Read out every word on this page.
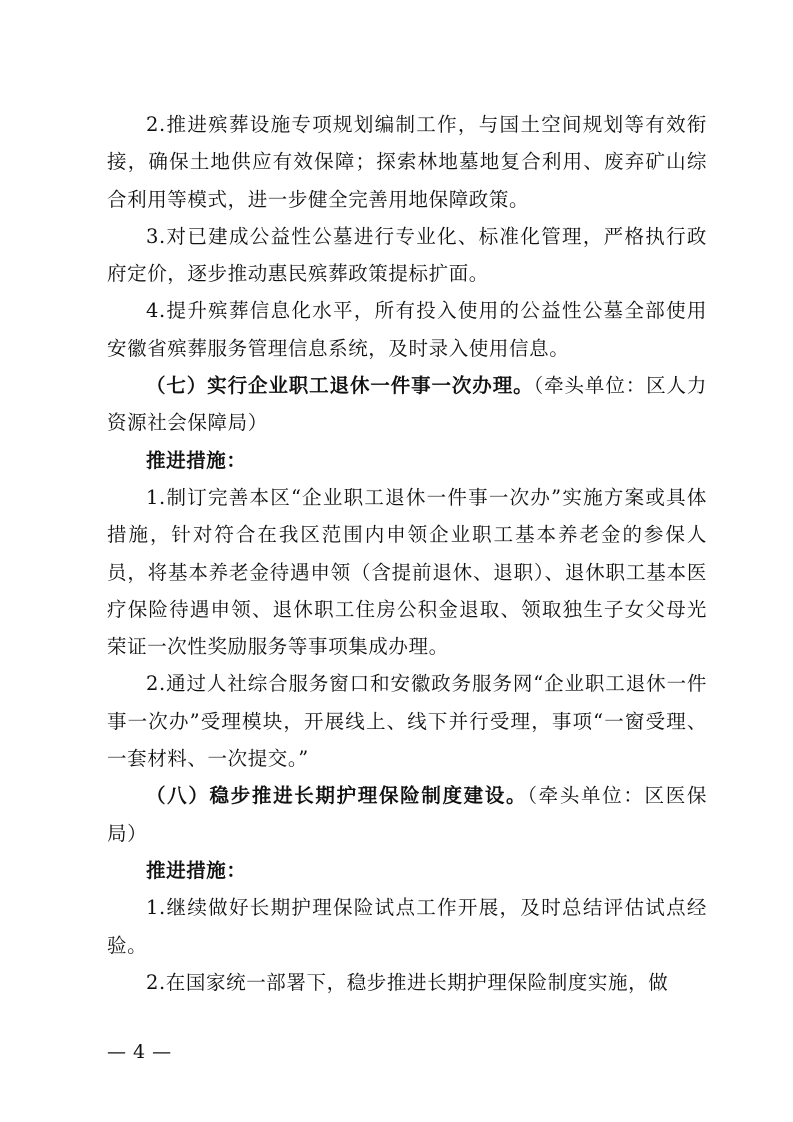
2.推进殡葬设施专项规划编制工作，与国土空间规划等有效衔接，确保土地供应有效保障；探索林地墓地复合利用、废弃矿山综合利用等模式，进一步健全完善用地保障政策。

3.对已建成公益性公墓进行专业化、标准化管理，严格执行政府定价，逐步推动惠民殡葬政策提标扩面。

4.提升殡葬信息化水平，所有投入使用的公益性公墓全部使用安徽省殡葬服务管理信息系统，及时录入使用信息。

（七）实行企业职工退休一件事一次办理。（牵头单位：区人力资源社会保障局）

推进措施：

1.制订完善本区“企业职工退休一件事一次办”实施方案或具体措施，针对符合在我区范围内申领企业职工基本养老金的参保人员，将基本养老金待遇申领（含提前退休、退职）、退休职工基本医疗保险待遇申领、退休职工住房公积金退取、领取独生子女父母光荣证一次性奖励服务等事项集成办理。

2.通过人社综合服务窗口和安徽政务服务网“企业职工退休一件事一次办”受理模块，开展线上、线下并行受理，事项“一窗受理、一套材料、一次提交。”

（八）稳步推进长期护理保险制度建设。（牵头单位：区医保局）

推进措施：

1.继续做好长期护理保险试点工作开展，及时总结评估试点经验。

2.在国家统一部署下，稳步推进长期护理保险制度实施，做

— 4 —
